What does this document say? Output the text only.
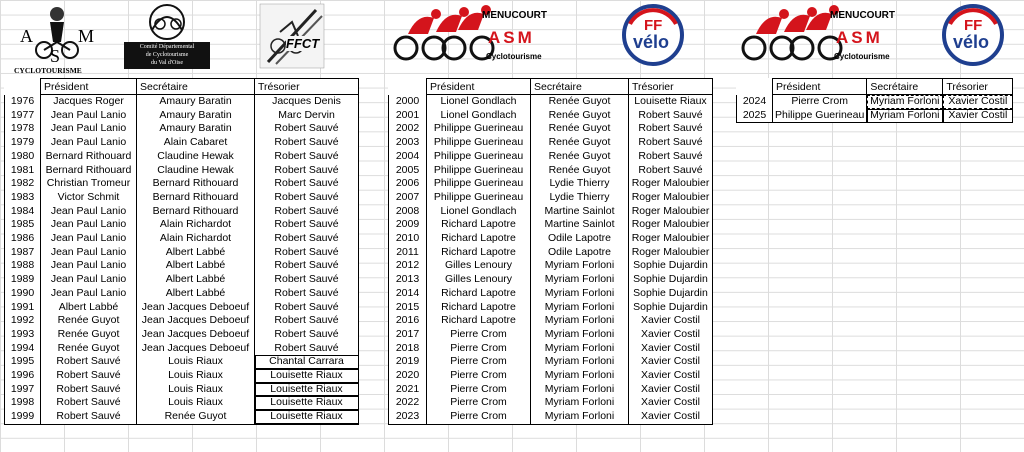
A	M
S
CYCLOTOURISME
Comité Départemental
de Cyclotourisme
du Val d'Oise
FFCT
MENUCOURT
ASM
Cyclotourisme
FF
vélo
MENUCOURT
ASM
Cyclotourisme
FF
vélo
	Président	Secrétaire	Trésorier
1976	Jacques Roger	Amaury Baratin	Jacques Denis
1977	Jean Paul Lanio	Amaury Baratin	Marc Dervin
1978	Jean Paul Lanio	Amaury Baratin	Robert Sauvé
1979	Jean Paul Lanio	Alain Cabaret	Robert Sauvé
1980	Bernard Rithouard	Claudine Hewak	Robert Sauvé
1981	Bernard Rithouard	Claudine Hewak	Robert Sauvé
1982	Christian Tromeur	Bernard Rithouard	Robert Sauvé
1983	Victor Schmit	Bernard Rithouard	Robert Sauvé
1984	Jean Paul Lanio	Bernard Rithouard	Robert Sauvé
1985	Jean Paul Lanio	Alain Richardot	Robert Sauvé
1986	Jean Paul Lanio	Alain Richardot	Robert Sauvé
1987	Jean Paul Lanio	Albert Labbé	Robert Sauvé
1988	Jean Paul Lanio	Albert Labbé	Robert Sauvé
1989	Jean Paul Lanio	Albert Labbé	Robert Sauvé
1990	Jean Paul Lanio	Albert Labbé	Robert Sauvé
1991	Albert Labbé	Jean Jacques Deboeuf	Robert Sauvé
1992	Renée Guyot	Jean Jacques Deboeuf	Robert Sauvé
1993	Renée Guyot	Jean Jacques Deboeuf	Robert Sauvé
1994	Renée Guyot	Jean Jacques Deboeuf	Robert Sauvé
1995	Robert Sauvé	Louis Riaux	Chantal Carrara
1996	Robert Sauvé	Louis Riaux	Louisette Riaux
1997	Robert Sauvé	Louis Riaux	Louisette Riaux
1998	Robert Sauvé	Louis Riaux	Louisette Riaux
1999	Robert Sauvé	Renée Guyot	Louisette Riaux
	Président	Secrétaire	Trésorier
2000	Lionel Gondlach	Renée Guyot	Louisette Riaux
2001	Lionel Gondlach	Renée Guyot	Robert Sauvé
2002	Philippe Guerineau	Renée Guyot	Robert Sauvé
2003	Philippe Guerineau	Renée Guyot	Robert Sauvé
2004	Philippe Guerineau	Renée Guyot	Robert Sauvé
2005	Philippe Guerineau	Renée Guyot	Robert Sauvé
2006	Philippe Guerineau	Lydie Thierry	Roger Maloubier
2007	Philippe Guerineau	Lydie Thierry	Roger Maloubier
2008	Lionel Gondlach	Martine Sainlot	Roger Maloubier
2009	Richard Lapotre	Martine Sainlot	Roger Maloubier
2010	Richard Lapotre	Odile Lapotre	Roger Maloubier
2011	Richard Lapotre	Odile Lapotre	Roger Maloubier
2012	Gilles Lenoury	Myriam Forloni	Sophie Dujardin
2013	Gilles Lenoury	Myriam Forloni	Sophie Dujardin
2014	Richard Lapotre	Myriam Forloni	Sophie Dujardin
2015	Richard Lapotre	Myriam Forloni	Sophie Dujardin
2016	Richard Lapotre	Myriam Forloni	Xavier Costil
2017	Pierre Crom	Myriam Forloni	Xavier Costil
2018	Pierre Crom	Myriam Forloni	Xavier Costil
2019	Pierre Crom	Myriam Forloni	Xavier Costil
2020	Pierre Crom	Myriam Forloni	Xavier Costil
2021	Pierre Crom	Myriam Forloni	Xavier Costil
2022	Pierre Crom	Myriam Forloni	Xavier Costil
2023	Pierre Crom	Myriam Forloni	Xavier Costil
	Président	Secrétaire	Trésorier
2024	Pierre Crom	Myriam Forloni	Xavier Costil
2025	Philippe Guerineau	Myriam Forloni	Xavier Costil
